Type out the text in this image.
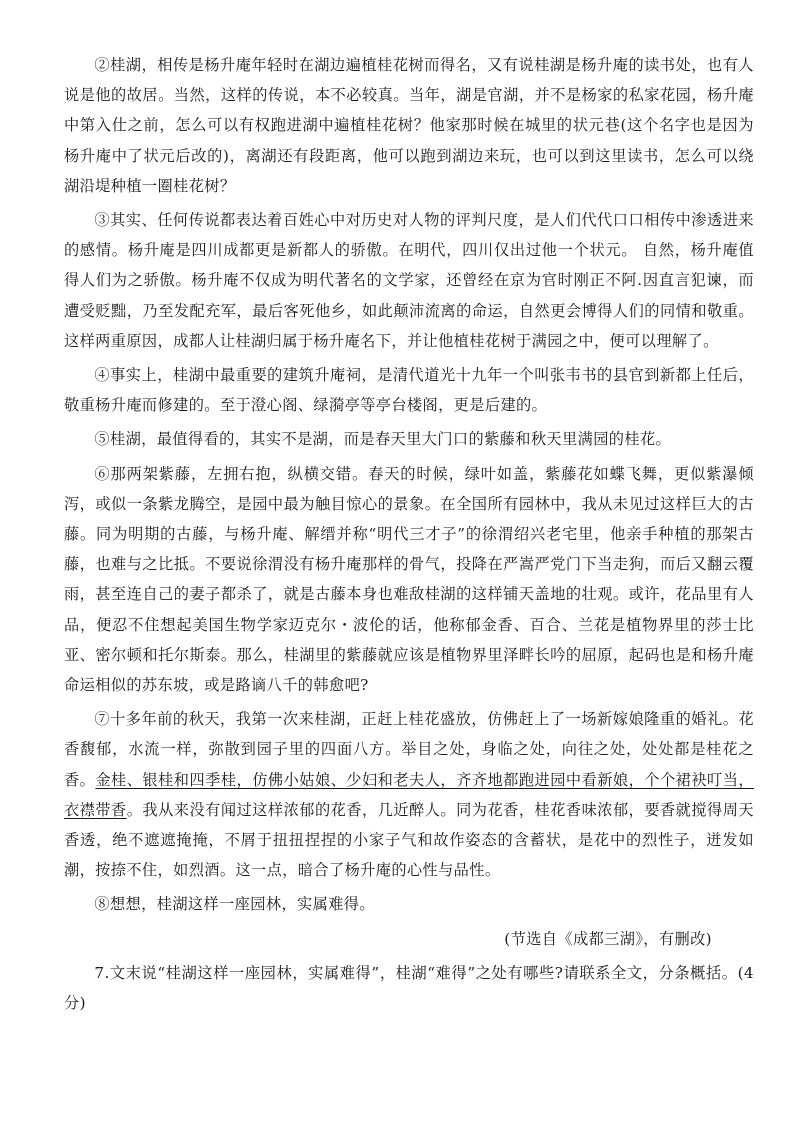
②桂湖，相传是杨升庵年轻时在湖边遍植桂花树而得名，又有说桂湖是杨升庵的读书处，也有人说是他的故居。当然，这样的传说，本不必较真。当年，湖是官湖，并不是杨家的私家花园，杨升庵中第入仕之前，怎么可以有权跑进湖中遍植桂花树？他家那时候在城里的状元巷(这个名字也是因为杨升庵中了状元后改的)，离湖还有段距离，他可以跑到湖边来玩，也可以到这里读书，怎么可以绕湖沿堤种植一圈桂花树？

③其实、任何传说都表达着百姓心中对历史对人物的评判尺度，是人们代代口口相传中渗透进来的感情。杨升庵是四川成都更是新都人的骄傲。在明代，四川仅出过他一个状元。 自然，杨升庵值得人们为之骄傲。杨升庵不仅成为明代著名的文学家，还曾经在京为官时刚正不阿.因直言犯谏，而遭受贬黜，乃至发配充军，最后客死他乡，如此颠沛流离的命运，自然更会博得人们的同情和敬重。这样两重原因，成都人让桂湖归属于杨升庵名下，并让他植桂花树于满园之中，便可以理解了。

④事实上，桂湖中最重要的建筑升庵祠，是清代道光十九年一个叫张韦书的县官到新都上任后，敬重杨升庵而修建的。至于澄心阁、绿漪亭等亭台楼阁，更是后建的。

⑤桂湖，最值得看的，其实不是湖，而是春天里大门口的紫藤和秋天里满园的桂花。

⑥那两架紫藤，左拥右抱，纵横交错。春天的时候，绿叶如盖，紫藤花如蝶飞舞，更似紫瀑倾泻，或似一条紫龙腾空，是园中最为触目惊心的景象。在全国所有园林中，我从未见过这样巨大的古藤。同为明期的古藤，与杨升庵、解缙并称“明代三才子”的徐渭绍兴老宅里，他亲手种植的那架古藤，也难与之比抵。不要说徐渭没有杨升庵那样的骨气，投降在严嵩严党门下当走狗，而后又翻云覆雨，甚至连自己的妻子都杀了，就是古藤本身也难敌桂湖的这样铺天盖地的壮观。或许，花品里有人品，便忍不住想起美国生物学家迈克尔・波伦的话，他称郁金香、百合、兰花是植物界里的莎士比亚、密尔顿和托尔斯泰。那么，桂湖里的紫藤就应该是植物界里泽畔长吟的屈原，起码也是和杨升庵命运相似的苏东坡，或是路谪八千的韩愈吧?

⑦十多年前的秋天，我第一次来桂湖，正赶上桂花盛放，仿佛赶上了一场新嫁娘隆重的婚礼。花香馥郁，水流一样，弥散到园子里的四面八方。举目之处，身临之处，向往之处，处处都是桂花之香。金桂、银桂和四季桂，仿佛小姑娘、少妇和老夫人，齐齐地都跑进园中看新娘，个个裙袂叮当，衣襟带香。我从来没有闻过这样浓郁的花香，几近醉人。同为花香，桂花香味浓郁，要香就搅得周天香透，绝不遮遮掩掩，不屑于扭扭捏捏的小家子气和故作姿态的含蓄状，是花中的烈性子，迸发如潮，按捺不住，如烈酒。这一点，暗合了杨升庵的心性与品性。

⑧想想，桂湖这样一座园林，实属难得。

(节选自《成都三湖》，有删改)

7.文末说“桂湖这样一座园林，实属难得”，桂湖“难得”之处有哪些?请联系全文，分条概括。(4分)
